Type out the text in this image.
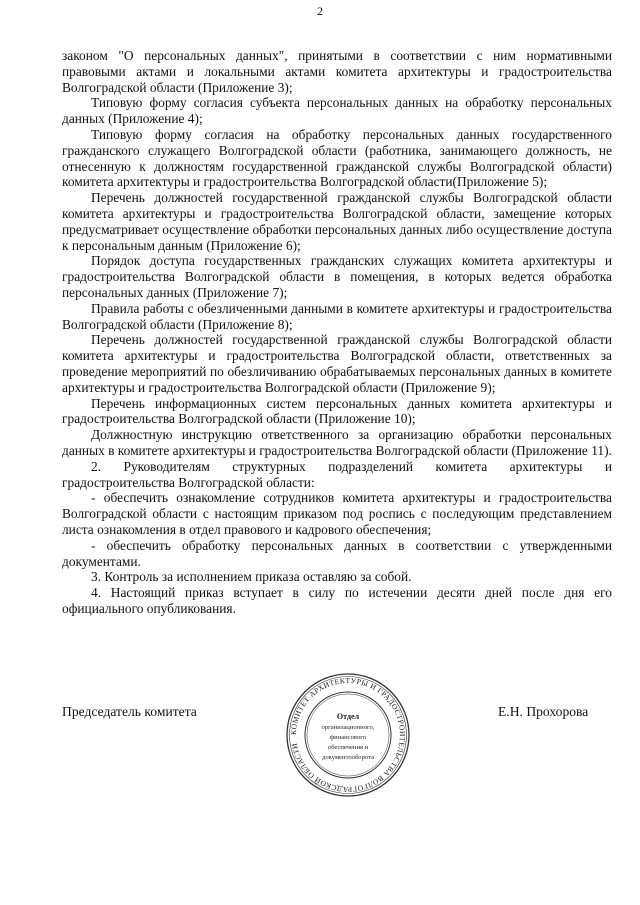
2

законом "О персональных данных", принятыми в соответствии с ним нормативными правовыми актами и локальными актами комитета архитектуры и градостроительства Волгоградской области (Приложение 3);

Типовую форму согласия субъекта персональных данных на обработку персональных данных (Приложение 4);

Типовую форму согласия на обработку персональных данных государственного гражданского служащего Волгоградской области (работника, занимающего должность, не отнесенную к должностям государственной гражданской службы Волгоградской области) комитета архитектуры и градостроительства Волгоградской области(Приложение 5);

Перечень должностей государственной гражданской службы Волгоградской области комитета архитектуры и градостроительства Волгоградской области, замещение которых предусматривает осуществление обработки персональных данных либо осуществление доступа к персональным данным (Приложение 6);

Порядок доступа государственных гражданских служащих комитета архитектуры и градостроительства Волгоградской области в помещения, в которых ведется обработка персональных данных (Приложение 7);

Правила работы с обезличенными данными в комитете архитектуры и градостроительства Волгоградской области (Приложение 8);

Перечень должностей государственной гражданской службы Волгоградской области комитета архитектуры и градостроительства Волгоградской области, ответственных за проведение мероприятий по обезличиванию обрабатываемых персональных данных в комитете архитектуры и градостроительства Волгоградской области (Приложение 9);

Перечень информационных систем персональных данных комитета архитектуры и градостроительства Волгоградской области (Приложение 10);

Должностную инструкцию ответственного за организацию обработки персональных данных в комитете архитектуры и градостроительства Волгоградской области (Приложение 11).

2. Руководителям структурных подразделений комитета архитектуры и градостроительства Волгоградской области:

- обеспечить ознакомление сотрудников комитета архитектуры и градостроительства Волгоградской области с настоящим приказом под роспись с последующим представлением листа ознакомления в отдел правового и кадрового обеспечения;

- обеспечить обработку персональных данных в соответствии с утвержденными документами.

3. Контроль за исполнением приказа оставляю за собой.

4. Настоящий приказ вступает в силу по истечении десяти дней после дня его официального опубликования.

Председатель комитета	Е.Н. Прохорова
КОМИТЕТ АРХИТЕКТУРЫ И ГРАДОСТРОИТЕЛЬСТВА ВОЛГОГРАДСКОЙ ОБЛАСТИ
Отдел
организационного,
финансового
обеспечения и
документооборота
